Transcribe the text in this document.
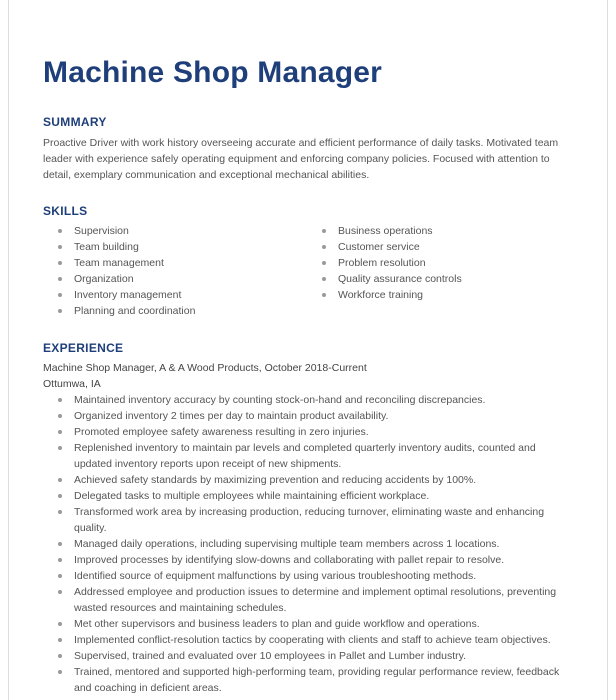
Machine Shop Manager
SUMMARY
Proactive Driver with work history overseeing accurate and efficient performance of daily tasks. Motivated team leader with experience safely operating equipment and enforcing company policies. Focused with attention to detail, exemplary communication and exceptional mechanical abilities.
SKILLS
Supervision
Team building
Team management
Organization
Inventory management
Planning and coordination
Business operations
Customer service
Problem resolution
Quality assurance controls
Workforce training
EXPERIENCE
Machine Shop Manager, A & A Wood Products, October 2018-Current
Ottumwa, IA
Maintained inventory accuracy by counting stock-on-hand and reconciling discrepancies.
Organized inventory 2 times per day to maintain product availability.
Promoted employee safety awareness resulting in zero injuries.
Replenished inventory to maintain par levels and completed quarterly inventory audits, counted and updated inventory reports upon receipt of new shipments.
Achieved safety standards by maximizing prevention and reducing accidents by 100%.
Delegated tasks to multiple employees while maintaining efficient workplace.
Transformed work area by increasing production, reducing turnover, eliminating waste and enhancing quality.
Managed daily operations, including supervising multiple team members across 1 locations.
Improved processes by identifying slow-downs and collaborating with pallet repair to resolve.
Identified source of equipment malfunctions by using various troubleshooting methods.
Addressed employee and production issues to determine and implement optimal resolutions, preventing wasted resources and maintaining schedules.
Met other supervisors and business leaders to plan and guide workflow and operations.
Implemented conflict-resolution tactics by cooperating with clients and staff to achieve team objectives.
Supervised, trained and evaluated over 10 employees in Pallet and Lumber industry.
Trained, mentored and supported high-performing team, providing regular performance review, feedback and coaching in deficient areas.
